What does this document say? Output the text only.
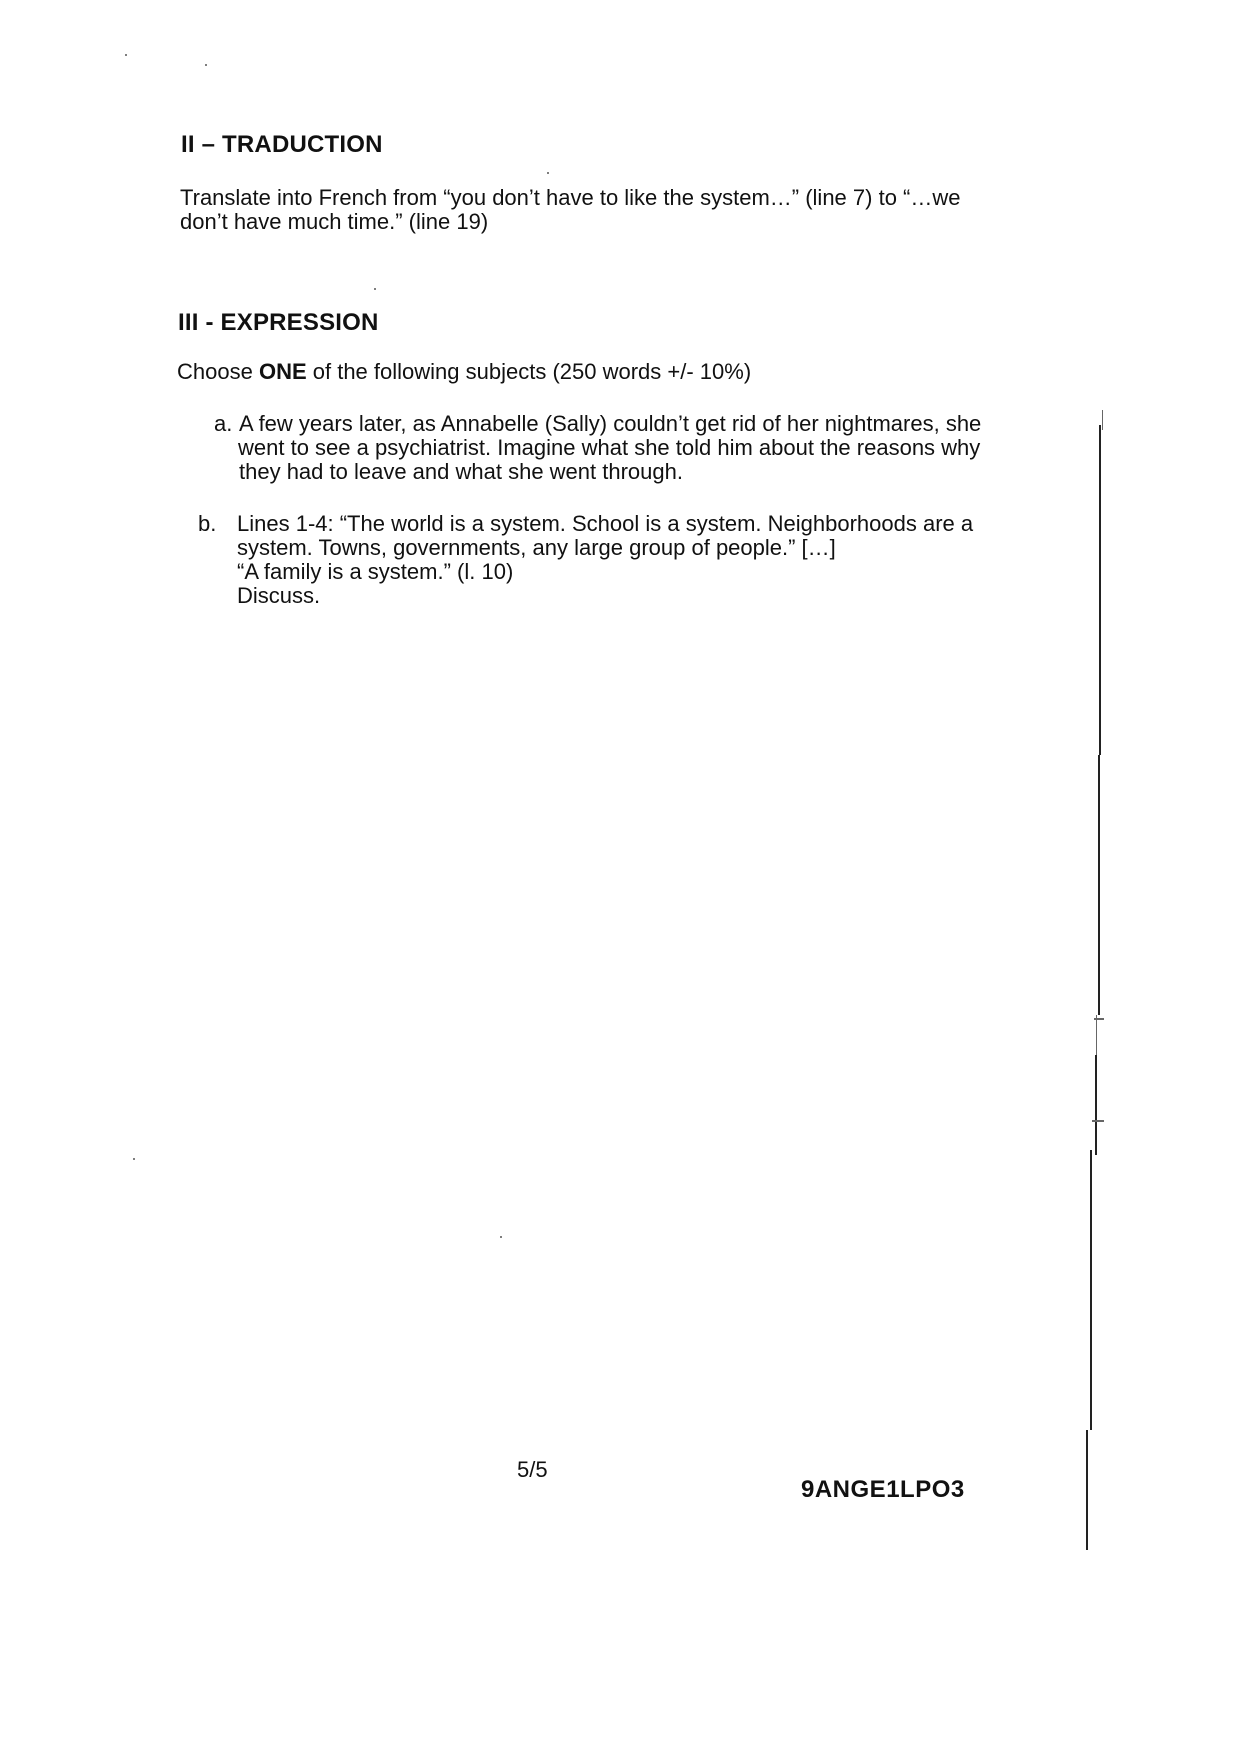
II – TRADUCTION
Translate into French from “you don’t have to like the system…” (line 7) to “…we
don’t have much time.” (line 19)
III - EXPRESSION
Choose ONE of the following subjects (250 words +/- 10%)
a. A few years later, as Annabelle (Sally) couldn’t get rid of her nightmares, she
went to see a psychiatrist. Imagine what she told him about the reasons why
they had to leave and what she went through.
b. Lines 1-4: “The world is a system. School is a system. Neighborhoods are a
system. Towns, governments, any large group of people.” […]
“A family is a system.” (l. 10)
Discuss.
5/5
9ANGE1LPO3
